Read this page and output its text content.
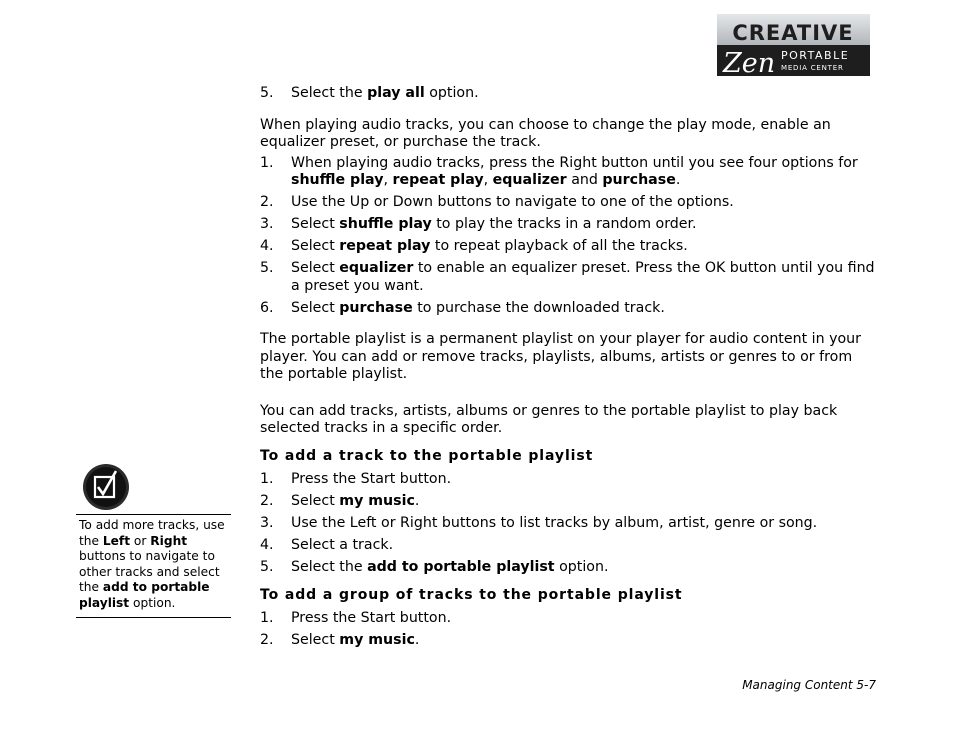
CREATIVE
Zen PORTABLE
MEDIA CENTER
5.	Select the play all option.

When playing audio tracks, you can choose to change the play mode, enable an equalizer preset, or purchase the track.

1.	When playing audio tracks, press the Right button until you see four options for shuffle play, repeat play, equalizer and purchase.
2.	Use the Up or Down buttons to navigate to one of the options.
3.	Select shuffle play to play the tracks in a random order.
4.	Select repeat play to repeat playback of all the tracks.
5.	Select equalizer to enable an equalizer preset. Press the OK button until you find a preset you want.
6.	Select purchase to purchase the downloaded track.

The portable playlist is a permanent playlist on your player for audio content in your player. You can add or remove tracks, playlists, albums, artists or genres to or from the portable playlist.

You can add tracks, artists, albums or genres to the portable playlist to play back selected tracks in a specific order.

To add a track to the portable playlist
1.	Press the Start button.
2.	Select my music.
3.	Use the Left or Right buttons to list tracks by album, artist, genre or song.
4.	Select a track.
5.	Select the add to portable playlist option.
To add a group of tracks to the portable playlist
1.	Press the Start button.
2.	Select my music.
To add more tracks, use the Left or Right buttons to navigate to other tracks and select the add to portable playlist option.
Managing Content 5-7
